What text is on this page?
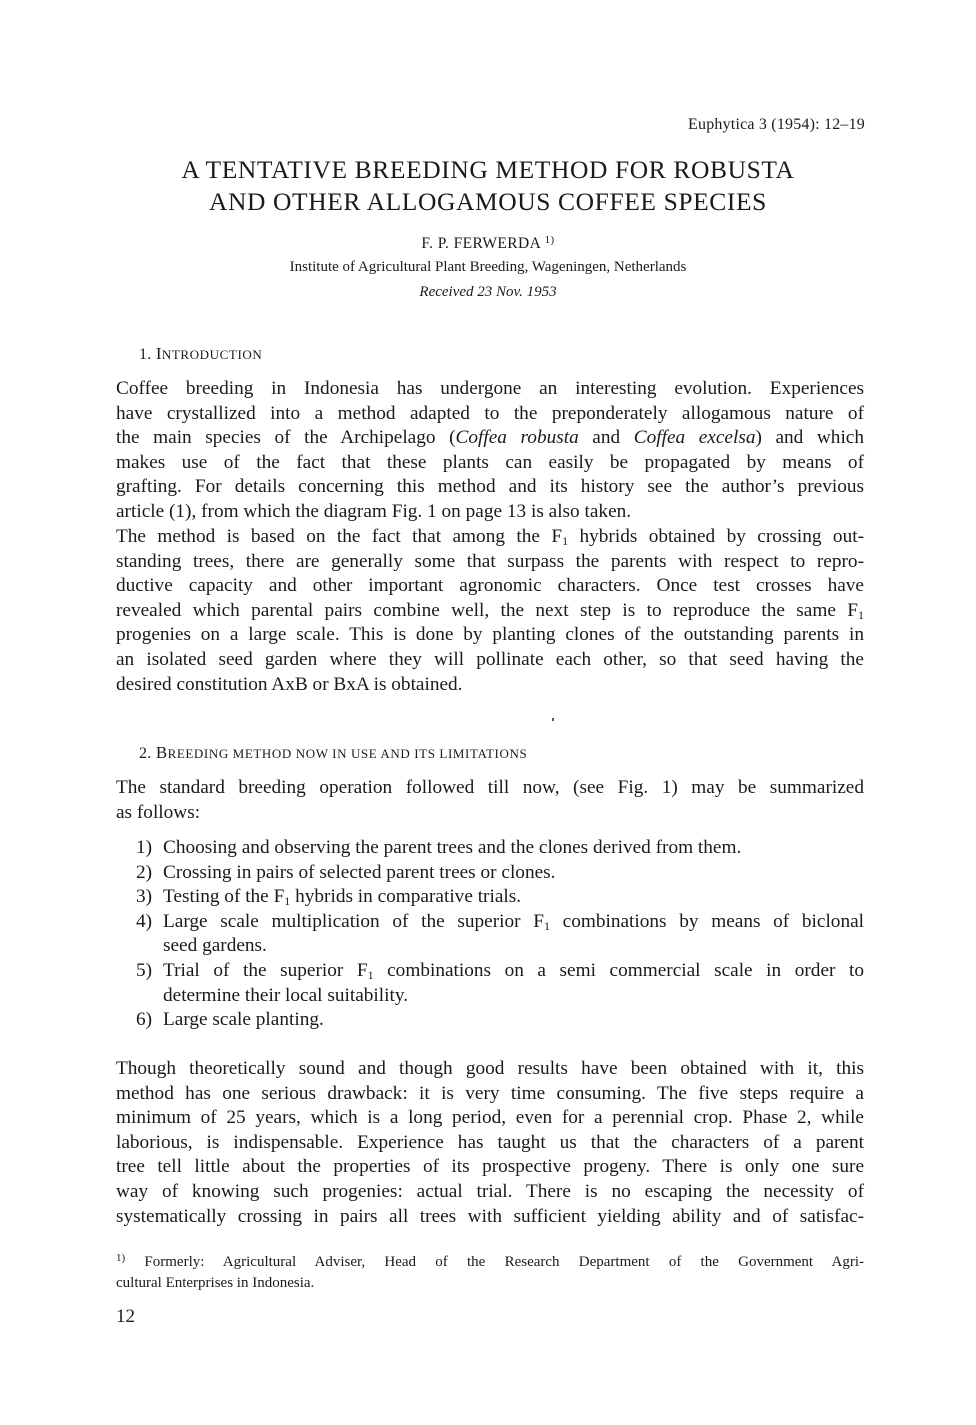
Euphytica 3 (1954): 12–19
A TENTATIVE BREEDING METHOD FOR ROBUSTA
AND OTHER ALLOGAMOUS COFFEE SPECIES
F. P. FERWERDA $^{1)}$
Institute of Agricultural Plant Breeding, Wageningen, Netherlands
Received 23 Nov. 1953
1. INTRODUCTION
Coffee breeding in Indonesia has undergone an interesting evolution. Experiences
have crystallized into a method adapted to the preponderately allogamous nature of
the main species of the Archipelago (Coffea robusta and Coffea excelsa) and which
makes use of the fact that these plants can easily be propagated by means of
grafting. For details concerning this method and its history see the author’s previous
article (1), from which the diagram Fig. 1 on page 13 is also taken.
The method is based on the fact that among the $F_1$ hybrids obtained by crossing out-
standing trees, there are generally some that surpass the parents with respect to repro-
ductive capacity and other important agronomic characters. Once test crosses have
revealed which parental pairs combine well, the next step is to reproduce the same $F_1$
progenies on a large scale. This is done by planting clones of the outstanding parents in
an isolated seed garden where they will pollinate each other, so that seed having the
desired constitution AxB or BxA is obtained.
2. BREEDING METHOD NOW IN USE AND ITS LIMITATIONS
The standard breeding operation followed till now, (see Fig. 1) may be summarized
as follows:
1) Choosing and observing the parent trees and the clones derived from them.
2) Crossing in pairs of selected parent trees or clones.
3) Testing of the $F_1$ hybrids in comparative trials.
4) Large scale multiplication of the superior $F_1$ combinations by means of biclonal
seed gardens.
5) Trial of the superior $F_1$ combinations on a semi commercial scale in order to
determine their local suitability.
6) Large scale planting.
Though theoretically sound and though good results have been obtained with it, this
method has one serious drawback: it is very time consuming. The five steps require a
minimum of 25 years, which is a long period, even for a perennial crop. Phase 2, while
laborious, is indispensable. Experience has taught us that the characters of a parent
tree tell little about the properties of its prospective progeny. There is only one sure
way of knowing such progenies: actual trial. There is no escaping the necessity of
systematically crossing in pairs all trees with sufficient yielding ability and of satisfac-
$^{1)}$ Formerly: Agricultural Adviser, Head of the Research Department of the Government Agri-
cultural Enterprises in Indonesia.
12
